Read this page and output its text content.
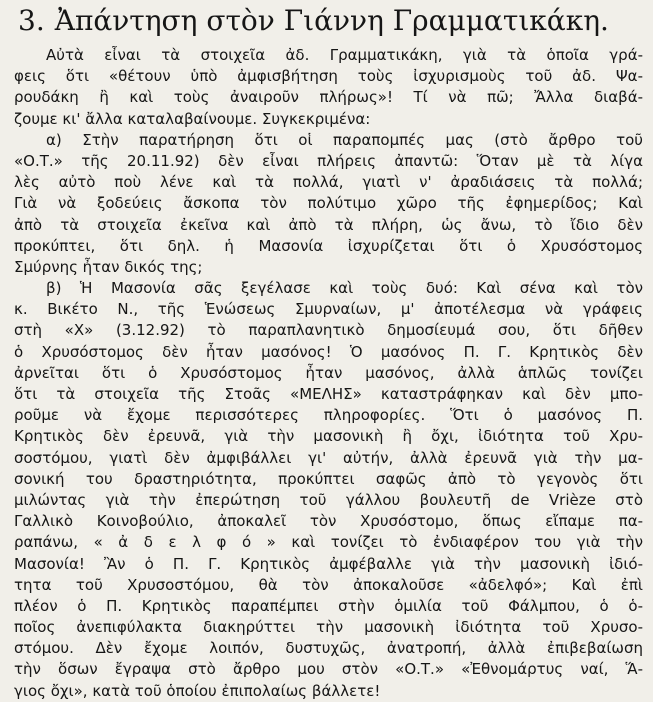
3. Ἀπάντηση στὸν Γιάννη Γραμματικάκη.
Αὐτὰ εἶναι τὰ στοιχεῖα ἀδ. Γραμματικάκη, γιὰ τὰ ὁποῖα γρά-
φεις ὅτι «θέτουν ὑπὸ ἀμφισβήτηση τοὺς ἰσχυρισμοὺς τοῦ ἀδ. Ψα-
ρουδάκη ἢ καὶ τοὺς ἀναιροῦν πλήρως»! Τί νὰ πῶ; Ἄλλα διαβά-
ζουμε κι' ἄλλα καταλαβαίνουμε. Συγκεκριμένα:
α) Στὴν παρατήρηση ὅτι οἱ παραπομπές μας (στὸ ἄρθρο τοῦ
«Ο.Τ.» τῆς 20.11.92) δὲν εἶναι πλήρεις ἀπαντῶ: Ὅταν μὲ τὰ λίγα
λὲς αὐτὸ ποὺ λένε καὶ τὰ πολλά, γιατὶ ν' ἀραδιάσεις τὰ πολλά;
Γιὰ νὰ ξοδεύεις ἄσκοπα τὸν πολύτιμο χῶρο τῆς ἐφημερίδος; Καὶ
ἀπὸ τὰ στοιχεῖα ἐκεῖνα καὶ ἀπὸ τὰ πλήρη, ὡς ἄνω, τὸ ἴδιο δὲν
προκύπτει, ὅτι δηλ. ἡ Μασονία ἰσχυρίζεται ὅτι ὁ Χρυσόστομος
Σμύρνης ἦταν δικός της;
β) Ἡ Μασονία σᾶς ξεγέλασε καὶ τοὺς δυό: Καὶ σένα καὶ τὸν
κ. Βικέτο Ν., τῆς Ἑνώσεως Σμυρναίων, μ' ἀποτέλεσμα νὰ γράφεις
στὴ «Χ» (3.12.92) τὸ παραπλανητικὸ δημοσίευμά σου, ὅτι δῆθεν
ὁ Χρυσόστομος δὲν ἦταν μασόνος! Ὁ μασόνος Π. Γ. Κρητικὸς δὲν
ἀρνεῖται ὅτι ὁ Χρυσόστομος ἦταν μασόνος, ἀλλὰ ἁπλῶς τονίζει
ὅτι τὰ στοιχεῖα τῆς Στοᾶς «ΜΕΛΗΣ» καταστράφηκαν καὶ δὲν μπο-
ροῦμε νὰ ἔχομε περισσότερες πληροφορίες. Ὅτι ὁ μασόνος Π.
Κρητικὸς δὲν ἐρευνᾶ, γιὰ τὴν μασονικὴ ἢ ὄχι, ἰδιότητα τοῦ Χρυ-
σοστόμου, γιατὶ δὲν ἀμφιβάλλει γι' αὐτήν, ἀλλὰ ἐρευνᾶ γιὰ τὴν μα-
σονική του δραστηριότητα, προκύπτει σαφῶς ἀπὸ τὸ γεγονὸς ὅτι
μιλώντας γιὰ τὴν ἐπερώτηση τοῦ γάλλου βουλευτῆ de Vrièze στὸ
Γαλλικὸ Κοινοβούλιο, ἀποκαλεῖ τὸν Χρυσόστομο, ὅπως εἴπαμε πα-
ραπάνω, « ἀ δ ε λ φ ό » καὶ τονίζει τὸ ἐνδιαφέρον του γιὰ τὴν
Μασονία! Ἂν ὁ Π. Γ. Κρητικὸς ἀμφέβαλλε γιὰ τὴν μασονικὴ ἰδιό-
τητα τοῦ Χρυσοστόμου, θὰ τὸν ἀποκαλοῦσε «ἀδελφό»; Καὶ ἐπὶ
πλέον ὁ Π. Κρητικὸς παραπέμπει στὴν ὁμιλία τοῦ Φάλμπου, ὁ ὁ-
ποῖος ἀνεπιφύλακτα διακηρύττει τὴν μασονικὴ ἰδιότητα τοῦ Χρυσο-
στόμου. Δὲν ἔχομε λοιπόν, δυστυχῶς, ἀνατροπή, ἀλλὰ ἐπιβεβαίωση
τὴν ὅσων ἔγραψα στὸ ἄρθρο μου στὸν «Ο.Τ.» «Ἐθνομάρτυς ναί, Ἅ-
γιος ὄχι», κατὰ τοῦ ὁποίου ἐπιπολαίως βάλλετε!
